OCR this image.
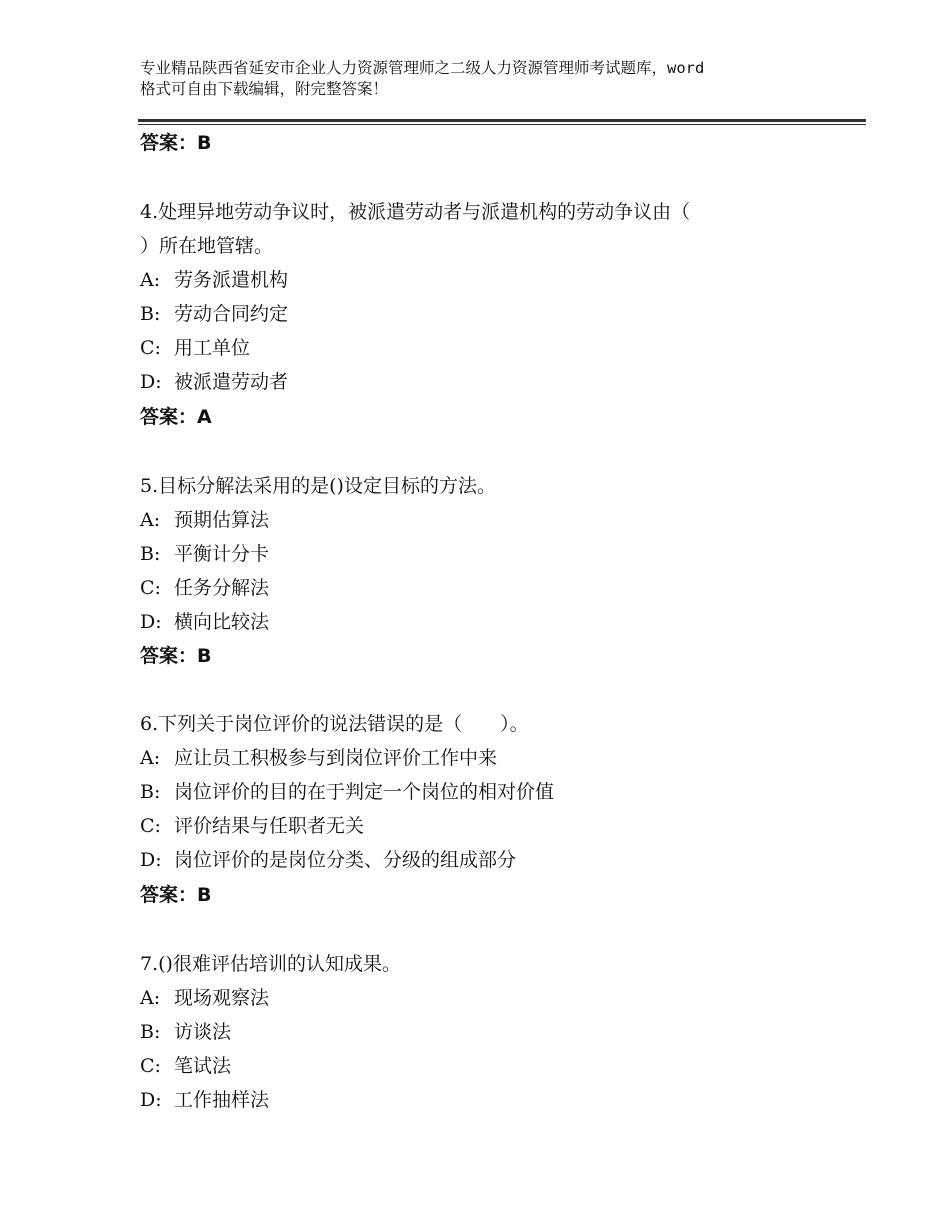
专业精品陕西省延安市企业人力资源管理师之二级人力资源管理师考试题库，word
格式可自由下载编辑，附完整答案！
答案：B
4.处理异地劳动争议时，被派遣劳动者与派遣机构的劳动争议由（
）所在地管辖。
A: 劳务派遣机构
B: 劳动合同约定
C: 用工单位
D: 被派遣劳动者
答案：A
5.目标分解法采用的是()设定目标的方法。
A: 预期估算法
B: 平衡计分卡
C: 任务分解法
D: 横向比较法
答案：B
6.下列关于岗位评价的说法错误的是（　　）。
A: 应让员工积极参与到岗位评价工作中来
B: 岗位评价的目的在于判定一个岗位的相对价值
C: 评价结果与任职者无关
D: 岗位评价的是岗位分类、分级的组成部分
答案：B
7.()很难评估培训的认知成果。
A: 现场观察法
B: 访谈法
C: 笔试法
D: 工作抽样法
